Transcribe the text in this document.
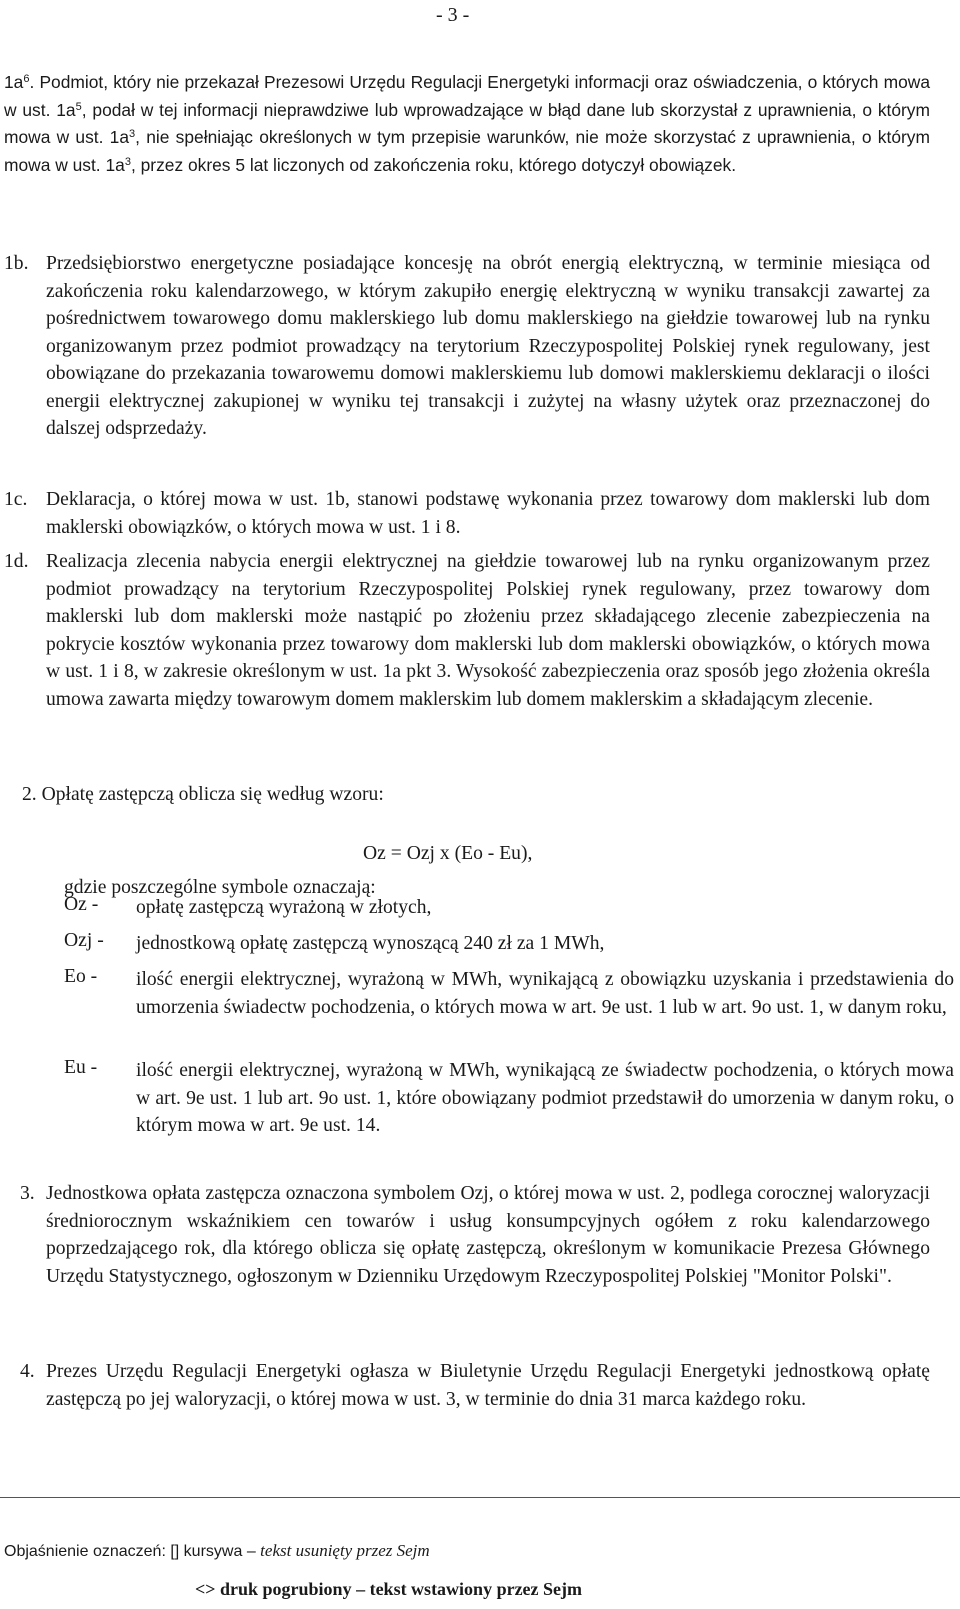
- 3 -
$1a^6$. Podmiot, który nie przekazał Prezesowi Urzędu Regulacji Energetyki informacji oraz oświadczenia, o których mowa w ust. $1a^5$, podał w tej informacji nieprawdziwe lub wprowadzające w błąd dane lub skorzystał z uprawnienia, o którym mowa w ust. $1a^3$, nie spełniając określonych w tym przepisie warunków, nie może skorzystać z uprawnienia, o którym mowa w ust. $1a^3$, przez okres 5 lat liczonych od zakończenia roku, którego dotyczył obowiązek.
1b. Przedsiębiorstwo energetyczne posiadające koncesję na obrót energią elektryczną, w terminie miesiąca od zakończenia roku kalendarzowego, w którym zakupiło energię elektryczną w wyniku transakcji zawartej za pośrednictwem towarowego domu maklerskiego lub domu maklerskiego na giełdzie towarowej lub na rynku organizowanym przez podmiot prowadzący na terytorium Rzeczypospolitej Polskiej rynek regulowany, jest obowiązane do przekazania towarowemu domowi maklerskiemu lub domowi maklerskiemu deklaracji o ilości energii elektrycznej zakupionej w wyniku tej transakcji i zużytej na własny użytek oraz przeznaczonej do dalszej odsprzedaży.
1c. Deklaracja, o której mowa w ust. 1b, stanowi podstawę wykonania przez towarowy dom maklerski lub dom maklerski obowiązków, o których mowa w ust. 1 i 8.
1d. Realizacja zlecenia nabycia energii elektrycznej na giełdzie towarowej lub na rynku organizowanym przez podmiot prowadzący na terytorium Rzeczypospolitej Polskiej rynek regulowany, przez towarowy dom maklerski lub dom maklerski może nastąpić po złożeniu przez składającego zlecenie zabezpieczenia na pokrycie kosztów wykonania przez towarowy dom maklerski lub dom maklerski obowiązków, o których mowa w ust. 1 i 8, w zakresie określonym w ust. 1a pkt 3. Wysokość zabezpieczenia oraz sposób jego złożenia określa umowa zawarta między towarowym domem maklerskim lub domem maklerskim a składającym zlecenie.
2. Opłatę zastępczą oblicza się według wzoru:
Oz = Ozj x (Eo - Eu),
gdzie poszczególne symbole oznaczają:
Oz - opłatę zastępczą wyrażoną w złotych,
Ozj - jednostkową opłatę zastępczą wynoszącą 240 zł za 1 MWh,
Eo - ilość energii elektrycznej, wyrażoną w MWh, wynikającą z obowiązku uzyskania i przedstawienia do umorzenia świadectw pochodzenia, o których mowa w art. 9e ust. 1 lub w art. 9o ust. 1, w danym roku,
Eu - ilość energii elektrycznej, wyrażoną w MWh, wynikającą ze świadectw pochodzenia, o których mowa w art. 9e ust. 1 lub art. 9o ust. 1, które obowiązany podmiot przedstawił do umorzenia w danym roku, o którym mowa w art. 9e ust. 14.
3. Jednostkowa opłata zastępcza oznaczona symbolem Ozj, o której mowa w ust. 2, podlega corocznej waloryzacji średniorocznym wskaźnikiem cen towarów i usług konsumpcyjnych ogółem z roku kalendarzowego poprzedzającego rok, dla którego oblicza się opłatę zastępczą, określonym w komunikacie Prezesa Głównego Urzędu Statystycznego, ogłoszonym w Dzienniku Urzędowym Rzeczypospolitej Polskiej "Monitor Polski".
4. Prezes Urzędu Regulacji Energetyki ogłasza w Biuletynie Urzędu Regulacji Energetyki jednostkową opłatę zastępczą po jej waloryzacji, o której mowa w ust. 3, w terminie do dnia 31 marca każdego roku.
Objaśnienie oznaczeń: [] kursywa – tekst usunięty przez Sejm
<> druk pogrubiony – tekst wstawiony przez Sejm
